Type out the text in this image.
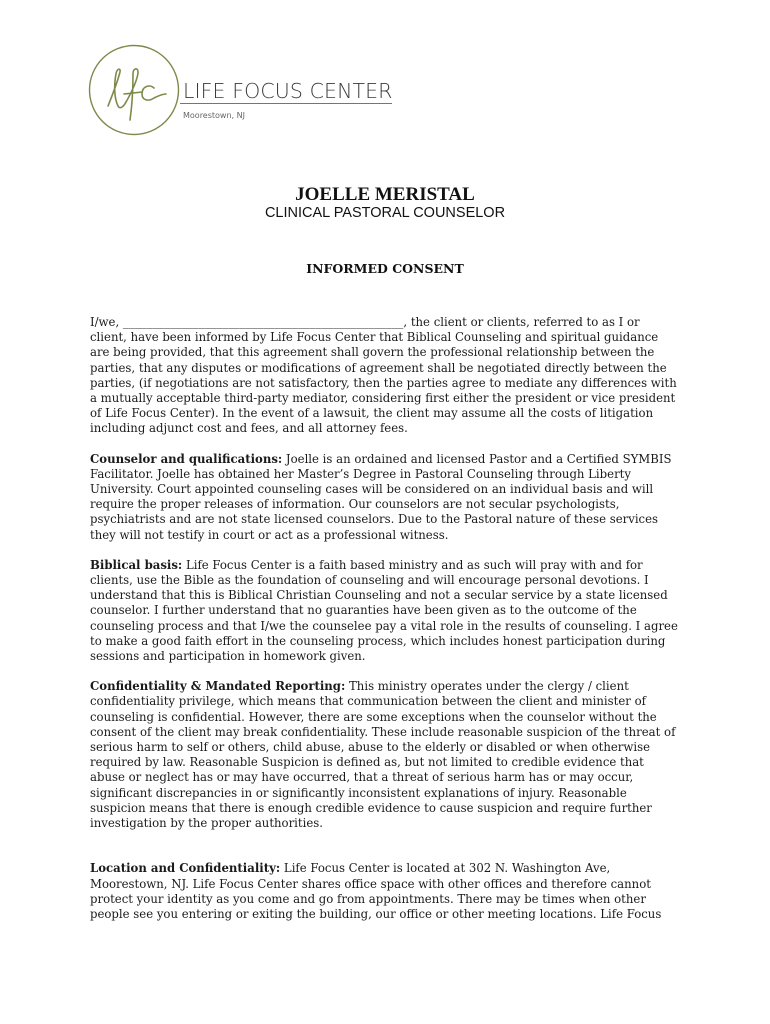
LIFE FOCUS CENTER
Moorestown, NJ
JOELLE MERISTAL
CLINICAL PASTORAL COUNSELOR
INFORMED CONSENT

I/we, ________________________________________________, the client or clients, referred to as I or client, have been informed by Life Focus Center that Biblical Counseling and spiritual guidance are being provided, that this agreement shall govern the professional relationship between the parties, that any disputes or modifications of agreement shall be negotiated directly between the parties, (if negotiations are not satisfactory, then the parties agree to mediate any differences with a mutually acceptable third-party mediator, considering first either the president or vice president of Life Focus Center). In the event of a lawsuit, the client may assume all the costs of litigation including adjunct cost and fees, and all attorney fees.

Counselor and qualifications: Joelle is an ordained and licensed Pastor and a Certified SYMBIS Facilitator. Joelle has obtained her Master’s Degree in Pastoral Counseling through Liberty University. Court appointed counseling cases will be considered on an individual basis and will require the proper releases of information. Our counselors are not secular psychologists, psychiatrists and are not state licensed counselors. Due to the Pastoral nature of these services they will not testify in court or act as a professional witness.

Biblical basis: Life Focus Center is a faith based ministry and as such will pray with and for clients, use the Bible as the foundation of counseling and will encourage personal devotions. I understand that this is Biblical Christian Counseling and not a secular service by a state licensed counselor. I further understand that no guaranties have been given as to the outcome of the counseling process and that I/we the counselee pay a vital role in the results of counseling. I agree to make a good faith effort in the counseling process, which includes honest participation during sessions and participation in homework given.

Confidentiality & Mandated Reporting: This ministry operates under the clergy / client confidentiality privilege, which means that communication between the client and minister of counseling is confidential. However, there are some exceptions when the counselor without the consent of the client may break confidentiality. These include reasonable suspicion of the threat of serious harm to self or others, child abuse, abuse to the elderly or disabled or when otherwise required by law. Reasonable Suspicion is defined as, but not limited to credible evidence that abuse or neglect has or may have occurred, that a threat of serious harm has or may occur, significant discrepancies in or significantly inconsistent explanations of injury. Reasonable suspicion means that there is enough credible evidence to cause suspicion and require further investigation by the proper authorities.

Location and Confidentiality: Life Focus Center is located at 302 N. Washington Ave, Moorestown, NJ. Life Focus Center shares office space with other offices and therefore cannot protect your identity as you come and go from appointments. There may be times when other people see you entering or exiting the building, our office or other meeting locations. Life Focus
